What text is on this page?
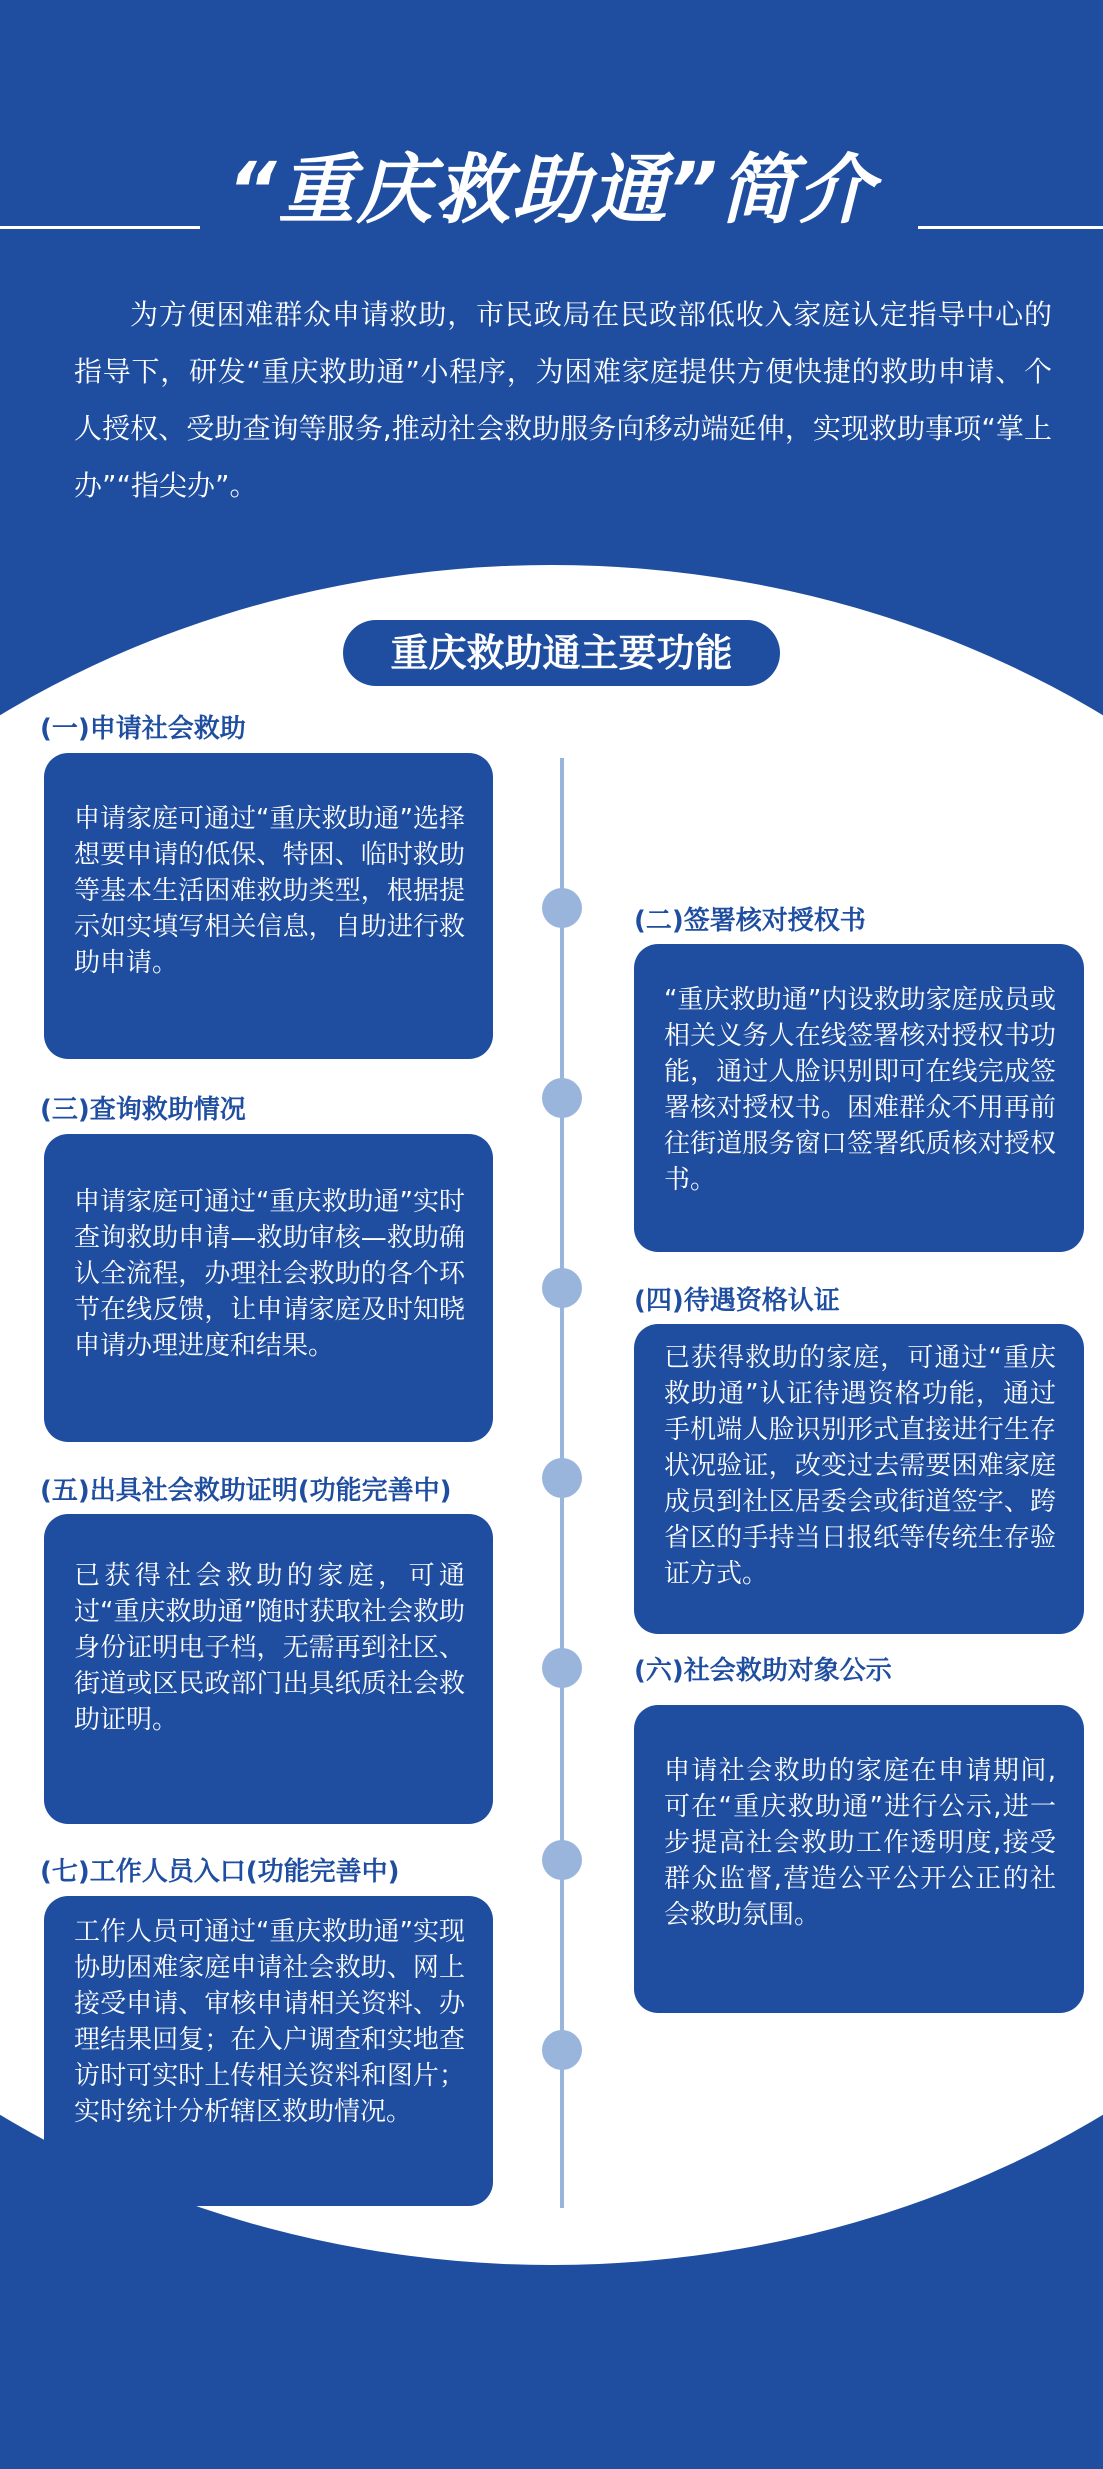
“重庆救助通”简介
为方便困难群众申请救助，市民政局在民政部低收入家庭认定指导中心的指导下，研发“重庆救助通”小程序，为困难家庭提供方便快捷的救助申请、个人授权、受助查询等服务,推动社会救助服务向移动端延伸，实现救助事项“掌上办”“指尖办”。
重庆救助通主要功能
(一)申请社会救助
申请家庭可通过“重庆救助通”选择想要申请的低保、特困、临时救助等基本生活困难救助类型，根据提示如实填写相关信息，自助进行救助申请。
(二)签署核对授权书
“重庆救助通”内设救助家庭成员或相关义务人在线签署核对授权书功能，通过人脸识别即可在线完成签署核对授权书。困难群众不用再前往街道服务窗口签署纸质核对授权书。
(三)查询救助情况
申请家庭可通过“重庆救助通”实时查询救助申请—救助审核—救助确认全流程，办理社会救助的各个环节在线反馈，让申请家庭及时知晓申请办理进度和结果。
(四)待遇资格认证
已获得救助的家庭，可通过“重庆救助通”认证待遇资格功能，通过手机端人脸识别形式直接进行生存状况验证，改变过去需要困难家庭成员到社区居委会或街道签字、跨省区的手持当日报纸等传统生存验证方式。
(五)出具社会救助证明(功能完善中)
已获得社会救助的家庭，可通过“重庆救助通”随时获取社会救助身份证明电子档，无需再到社区、街道或区民政部门出具纸质社会救助证明。
(六)社会救助对象公示
申请社会救助的家庭在申请期间,可在“重庆救助通”进行公示,进一步提高社会救助工作透明度,接受群众监督,营造公平公开公正的社会救助氛围。
(七)工作人员入口(功能完善中)
工作人员可通过“重庆救助通”实现协助困难家庭申请社会救助、网上接受申请、审核申请相关资料、办理结果回复；在入户调查和实地查访时可实时上传相关资料和图片；实时统计分析辖区救助情况。
